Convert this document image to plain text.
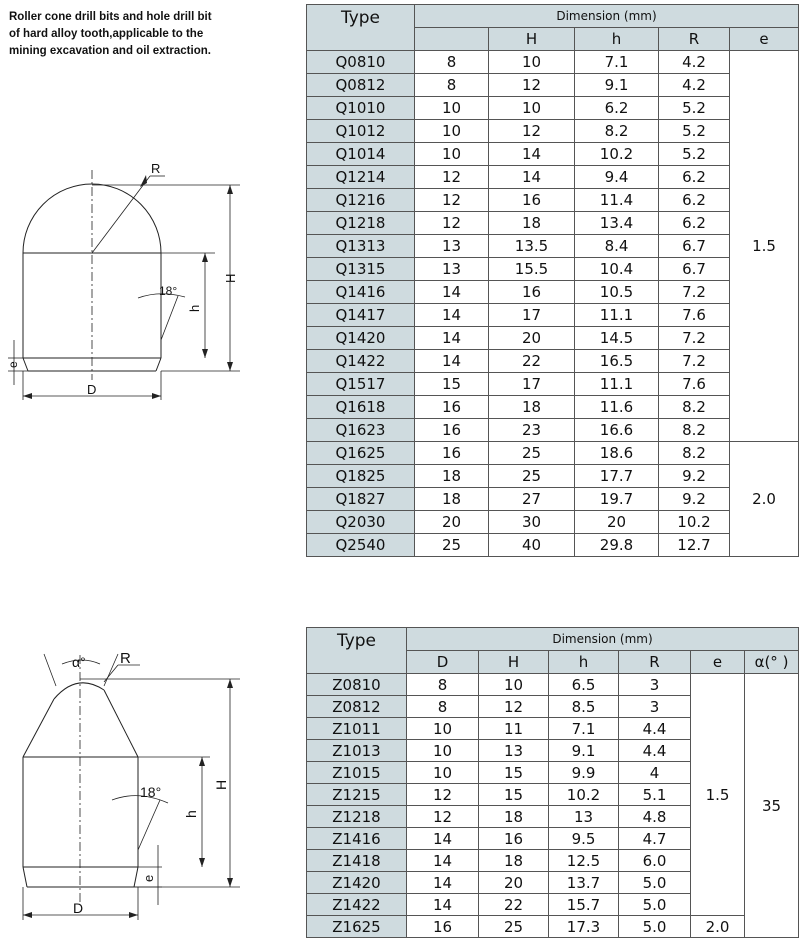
Roller cone drill bits and hole drill bit
of hard alloy tooth,applicable to the
mining excavation and oil extraction.
R
H
h
18°
e
D
α° R
H
h
18°
e
D
Type	Dimension (mm)				
		H	h	R	e
Q0810	8	10	7.1	4.2	1.5
Q0812	8	12	9.1	4.2	
Q1010	10	10	6.2	5.2	
Q1012	10	12	8.2	5.2	
Q1014	10	14	10.2	5.2	
Q1214	12	14	9.4	6.2	
Q1216	12	16	11.4	6.2	
Q1218	12	18	13.4	6.2	
Q1313	13	13.5	8.4	6.7	
Q1315	13	15.5	10.4	6.7	
Q1416	14	16	10.5	7.2	
Q1417	14	17	11.1	7.6	
Q1420	14	20	14.5	7.2	
Q1422	14	22	16.5	7.2	
Q1517	15	17	11.1	7.6	
Q1618	16	18	11.6	8.2	
Q1623	16	23	16.6	8.2	
Q1625	16	25	18.6	8.2	2.0
Q1825	18	25	17.7	9.2	
Q1827	18	27	19.7	9.2	
Q2030	20	30	20	10.2	
Q2540	25	40	29.8	12.7	
Type	Dimension (mm)					
	D	H	h	R	e	α(° )
Z0810	8	10	6.5	3	1.5	35
Z0812	8	12	8.5	3		
Z1011	10	11	7.1	4.4		
Z1013	10	13	9.1	4.4		
Z1015	10	15	9.9	4		
Z1215	12	15	10.2	5.1		
Z1218	12	18	13	4.8		
Z1416	14	16	9.5	4.7		
Z1418	14	18	12.5	6.0		
Z1420	14	20	13.7	5.0		
Z1422	14	22	15.7	5.0		
Z1625	16	25	17.3	5.0	2.0	
